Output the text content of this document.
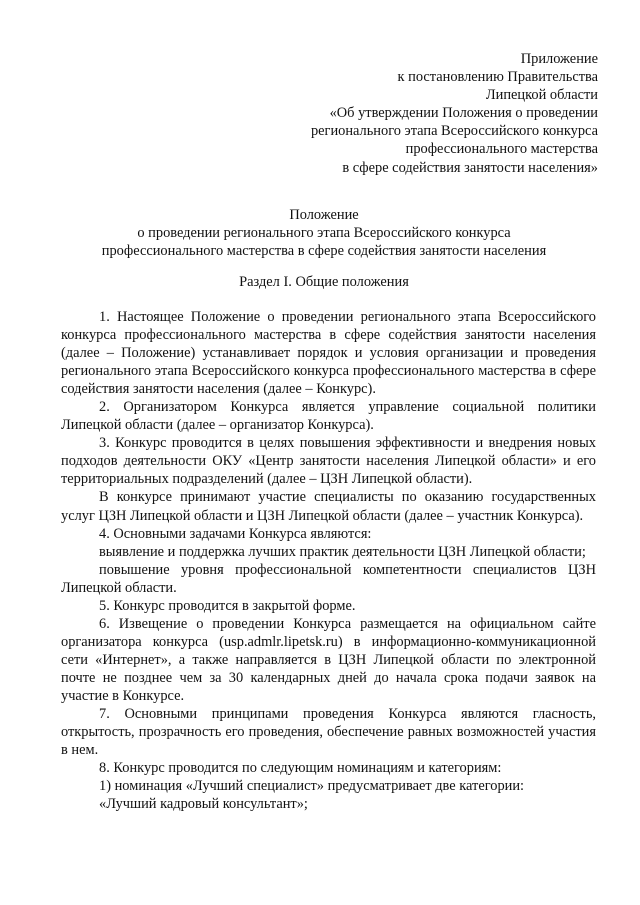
Приложение
к постановлению Правительства
Липецкой области
«Об утверждении Положения о проведении
регионального этапа Всероссийского конкурса
профессионального мастерства
в сфере содействия занятости населения»
Положение
о проведении регионального этапа Всероссийского конкурса
профессионального мастерства в сфере содействия занятости населения
Раздел I. Общие положения

1. Настоящее Положение о проведении регионального этапа Всероссийского конкурса профессионального мастерства в сфере содействия занятости населения (далее – Положение) устанавливает порядок и условия организации и проведения регионального этапа Всероссийского конкурса профессионального мастерства в сфере содействия занятости населения (далее – Конкурс).

2. Организатором Конкурса является управление социальной политики Липецкой области (далее – организатор Конкурса).

3. Конкурс проводится в целях повышения эффективности и внедрения новых подходов деятельности ОКУ «Центр занятости населения Липецкой области» и его территориальных подразделений (далее – ЦЗН Липецкой области).

В конкурсе принимают участие специалисты по оказанию государственных услуг ЦЗН Липецкой области и ЦЗН Липецкой области (далее – участник Конкурса).

4. Основными задачами Конкурса являются:

выявление и поддержка лучших практик деятельности ЦЗН Липецкой области;

повышение уровня профессиональной компетентности специалистов ЦЗН Липецкой области.

5. Конкурс проводится в закрытой форме.

6. Извещение о проведении Конкурса размещается на официальном сайте организатора конкурса (usp.admlr.lipetsk.ru) в информационно-коммуникационной сети «Интернет», а также направляется в ЦЗН Липецкой области по электронной почте не позднее чем за 30 календарных дней до начала срока подачи заявок на участие в Конкурсе.

7. Основными принципами проведения Конкурса являются гласность, открытость, прозрачность его проведения, обеспечение равных возможностей участия в нем.

8. Конкурс проводится по следующим номинациям и категориям:

1) номинация «Лучший специалист» предусматривает две категории:

«Лучший кадровый консультант»;
